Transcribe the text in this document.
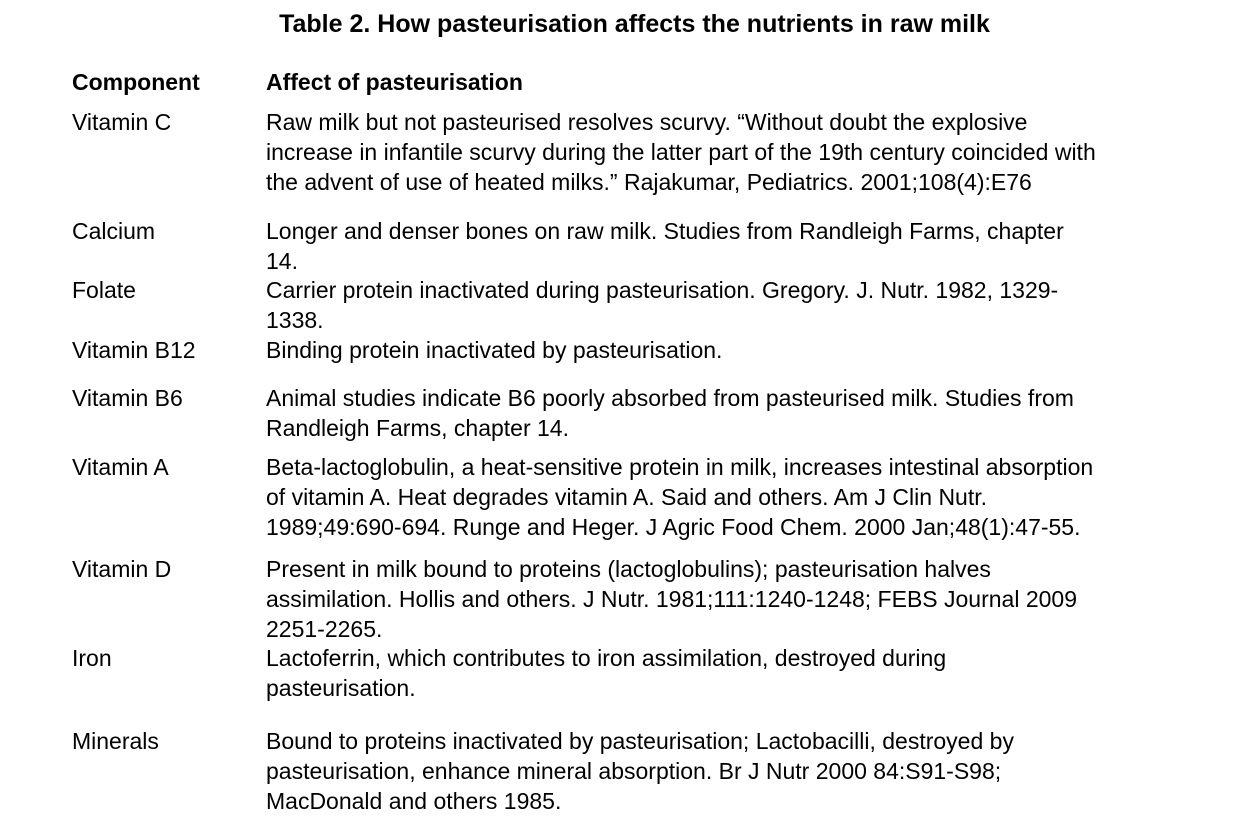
Table 2. How pasteurisation affects the nutrients in raw milk
Component	Affect of pasteurisation
Vitamin C	Raw milk but not pasteurised resolves scurvy. “Without doubt the explosive
increase in infantile scurvy during the latter part of the 19th century coincided with
the advent of use of heated milks.” Rajakumar, Pediatrics. 2001;108(4):E76
Calcium	Longer and denser bones on raw milk. Studies from Randleigh Farms, chapter
14.
Folate	Carrier protein inactivated during pasteurisation. Gregory. J. Nutr. 1982, 1329-
1338.
Vitamin B12	Binding protein inactivated by pasteurisation.
Vitamin B6	Animal studies indicate B6 poorly absorbed from pasteurised milk. Studies from
Randleigh Farms, chapter 14.
Vitamin A	Beta-lactoglobulin, a heat-sensitive protein in milk, increases intestinal absorption
of vitamin A. Heat degrades vitamin A. Said and others. Am J Clin Nutr.
1989;49:690-694. Runge and Heger. J Agric Food Chem. 2000 Jan;48(1):47-55.
Vitamin D	Present in milk bound to proteins (lactoglobulins); pasteurisation halves
assimilation. Hollis and others. J Nutr. 1981;111:1240-1248; FEBS Journal 2009
2251-2265.
Iron	Lactoferrin, which contributes to iron assimilation, destroyed during
pasteurisation.
Minerals	Bound to proteins inactivated by pasteurisation; Lactobacilli, destroyed by
pasteurisation, enhance mineral absorption. Br J Nutr 2000 84:S91-S98;
MacDonald and others 1985.
